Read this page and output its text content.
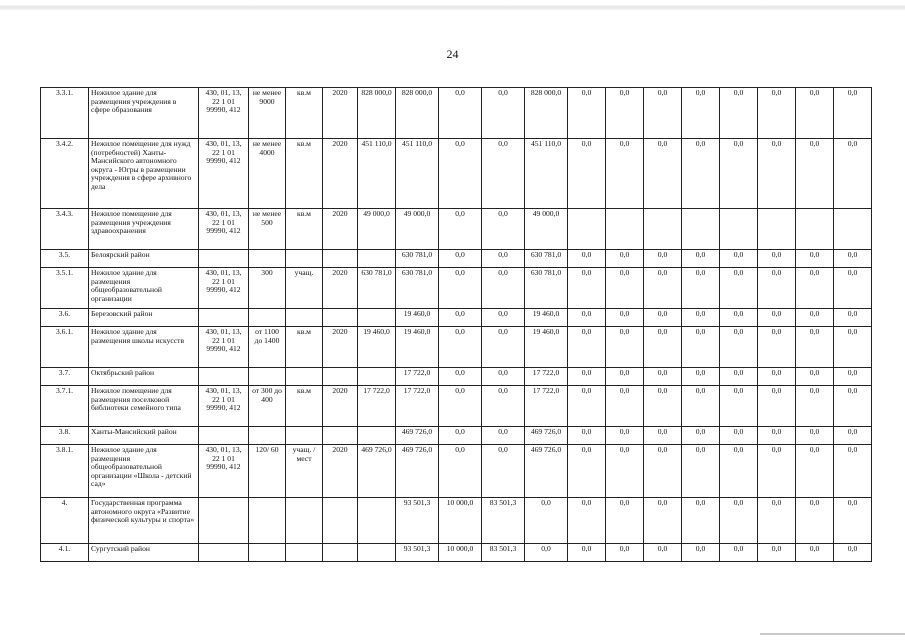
24
3.3.1.	Нежилое здание для размещения учреждения в сфере образования	430, 01, 13, 22 1 01 99990, 412	не менее 9000	кв.м	2020	828 000,0	828 000,0	0,0	0,0	828 000,0	0,0	0,0	0,0	0,0	0,0	0,0	0,0	0,0
3.4.2.	Нежилое помещение для нужд (потребностей) Ханты-Мансийского автономного округа - Югры в размещении учреждения в сфере архивного дела	430, 01, 13, 22 1 01 99990, 412	не менее 4000	кв.м	2020	451 110,0	451 110,0	0,0	0,0	451 110,0	0,0	0,0	0,0	0,0	0,0	0,0	0,0	0,0
3.4.3.	Нежилое помещение для размещения учреждения здравоохранения	430, 01, 13, 22 1 01 99990, 412	не менее 500	кв.м	2020	49 000,0	49 000,0	0,0	0,0	49 000,0								
3.5.	Белоярский район						630 781,0	0,0	0,0	630 781,0	0,0	0,0	0,0	0,0	0,0	0,0	0,0	0,0
3.5.1.	Нежилое здание для размещения общеобразовательной организации	430, 01, 13, 22 1 01 99990, 412	300	учащ.	2020	630 781,0	630 781,0	0,0	0,0	630 781,0	0,0	0,0	0,0	0,0	0,0	0,0	0,0	0,0
3.6.	Березовский район						19 460,0	0,0	0,0	19 460,0	0,0	0,0	0,0	0,0	0,0	0,0	0,0	0,0
3.6.1.	Нежилое здание для размещения школы искусств	430, 01, 13, 22 1 01 99990, 412	от 1100 до 1400	кв.м	2020	19 460,0	19 460,0	0,0	0,0	19 460,0	0,0	0,0	0,0	0,0	0,0	0,0	0,0	0,0
3.7.	Октябрьский район						17 722,0	0,0	0,0	17 722,0	0,0	0,0	0,0	0,0	0,0	0,0	0,0	0,0
3.7.1.	Нежилое помещение для размещения поселковой библиотеки семейного типа	430, 01, 13, 22 1 01 99990, 412	от 300 до 400	кв.м	2020	17 722,0	17 722,0	0,0	0,0	17 722,0	0,0	0,0	0,0	0,0	0,0	0,0	0,0	0,0
3.8.	Ханты-Мансийский район						469 726,0	0,0	0,0	469 726,0	0,0	0,0	0,0	0,0	0,0	0,0	0,0	0,0
3.8.1.	Нежилое здание для размещения общеобразовательной организации «Школа - детский сад»	430, 01, 13, 22 1 01 99990, 412	120/ 60	учащ. / мест	2020	469 726,0	469 726,0	0,0	0,0	469 726,0	0,0	0,0	0,0	0,0	0,0	0,0	0,0	0,0
4.	Государственная программа автономного округа «Развитие физической культуры и спорта»						93 501,3	10 000,0	83 501,3	0,0	0,0	0,0	0,0	0,0	0,0	0,0	0,0	0,0
4.1.	Сургутский район						93 501,3	10 000,0	83 501,3	0,0	0,0	0,0	0,0	0,0	0,0	0,0	0,0	0,0
